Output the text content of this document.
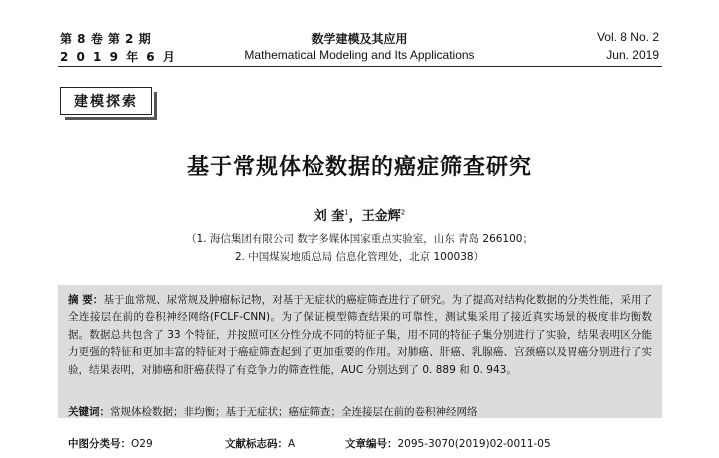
第 8 卷 第 2 期
2 0 1 9 年 6 月
数学建模及其应用
Mathematical Modeling and Its Applications
Vol. 8 No. 2
Jun. 2019
建模探索
基于常规体检数据的癌症筛查研究
刘 奎$^1$，王金辉$^2$
（1. 海信集团有限公司 数字多媒体国家重点实验室，山东 青岛 266100；
2. 中国煤炭地质总局 信息化管理处，北京 100038）
摘 要：基于血常规、尿常规及肿瘤标记物，对基于无症状的癌症筛查进行了研究。为了提高对结构化数据的分类性能，采用了全连接层在前的卷积神经网络(FCLF-CNN)。为了保证模型筛查结果的可靠性，测试集采用了接近真实场景的极度非均衡数据。数据总共包含了 33 个特征，并按照可区分性分成不同的特征子集，用不同的特征子集分别进行了实验，结果表明区分能力更强的特征和更加丰富的特征对于癌症筛查起到了更加重要的作用。对肺癌、肝癌、乳腺癌、宫颈癌以及胃癌分别进行了实验，结果表明，对肺癌和肝癌获得了有竞争力的筛查性能，AUC 分别达到了 0. 889 和 0. 943。
关键词：常规体检数据；非均衡；基于无症状；癌症筛查；全连接层在前的卷积神经网络
中图分类号：O29	文献标志码：A	文章编号：2095-3070(2019)02-0011-05
